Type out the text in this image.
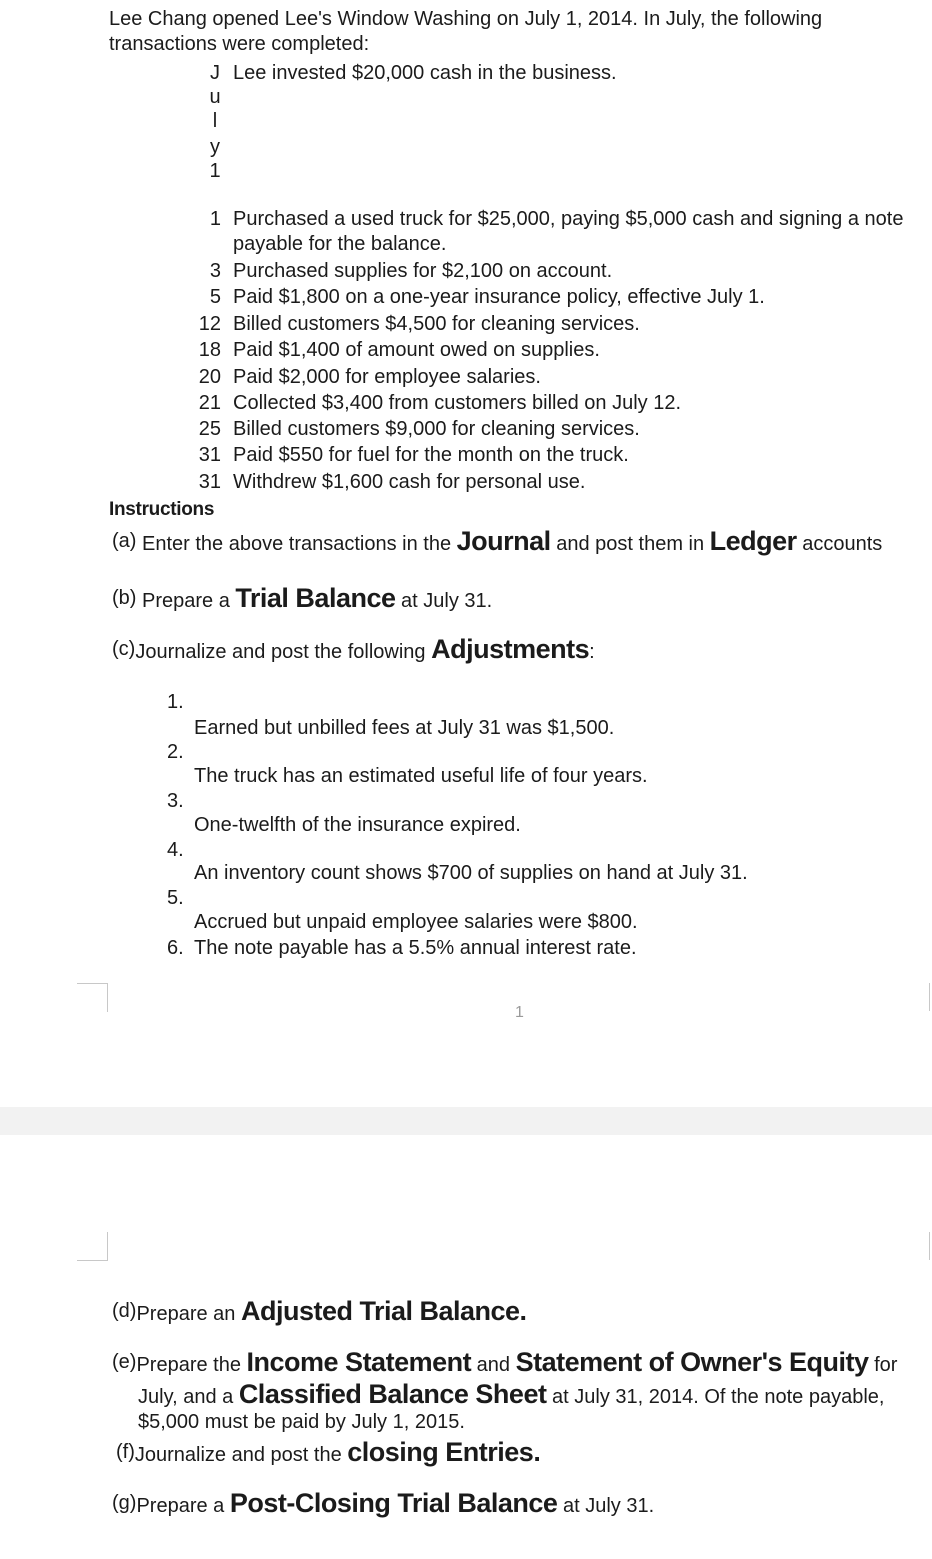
Lee Chang opened Lee's Window Washing on July 1, 2014. In July, the following transactions were completed:
J
u
l
y
1
Lee invested $20,000 cash in the business.
1 Purchased a used truck for $25,000, paying $5,000 cash and signing a note
payable for the balance.
3 Purchased supplies for $2,100 on account.
5 Paid $1,800 on a one-year insurance policy, effective July 1.
12 Billed customers $4,500 for cleaning services.
18 Paid $1,400 of amount owed on supplies.
20 Paid $2,000 for employee salaries.
21 Collected $3,400 from customers billed on July 12.
25 Billed customers $9,000 for cleaning services.
31 Paid $550 for fuel for the month on the truck.
31 Withdrew $1,600 cash for personal use.
Instructions
(a) Enter the above transactions in the Journal and post them in Ledger accounts
(b) Prepare a Trial Balance at July 31.
(c)Journalize and post the following Adjustments:
1.
Earned but unbilled fees at July 31 was $1,500.
2.
The truck has an estimated useful life of four years.
3.
One-twelfth of the insurance expired.
4.
An inventory count shows $700 of supplies on hand at July 31.
5.
Accrued but unpaid employee salaries were $800.
6. The note payable has a 5.5% annual interest rate.
1
(d)Prepare an Adjusted Trial Balance.
(e)Prepare the Income Statement and Statement of Owner's Equity for
July, and a Classified Balance Sheet at July 31, 2014. Of the note payable,
$5,000 must be paid by July 1, 2015.
(f)Journalize and post the closing Entries.
(g)Prepare a Post-Closing Trial Balance at July 31.
